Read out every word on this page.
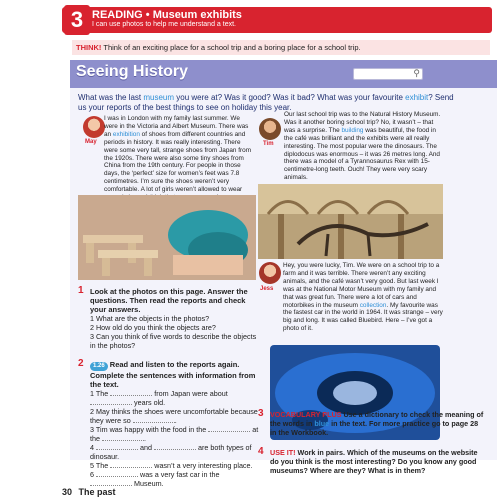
3 READING • Museum exhibits
I can use photos to help me understand a text.
THINK! Think of an exciting place for a school trip and a boring place for a school trip.
Seeing History	⚲
What was the last museum you were at? Was it good? Was it bad? What was your favourite exhibit? Send us your reports of the best things to see on holiday this year.
May
I was in London with my family last summer. We were in the Victoria and Albert Museum. There was an exhibition of shoes from different countries and periods in history. It was really interesting. There were some very tall, strange shoes from Japan from the 1920s. There were also some tiny shoes from China from the 19th century. For people in those days, the ‘perfect’ size for women’s feet was 7.8 centimetres. I’m sure the shoes weren’t very comfortable. A lot of girls weren’t allowed to wear
Tim
Our last school trip was to the Natural History Museum. Was it another boring school trip? No, it wasn’t – that was a surprise. The building was beautiful, the food in the café was brilliant and the exhibits were all really interesting. The most popular were the dinosaurs. The diplodocus was enormous – it was 26 metres long. And there was a model of a Tyrannosaurus Rex with 15-centimetre-long teeth. Ouch! They were very scary animals.
Jess
Hey, you were lucky, Tim. We were on a school trip to a farm and it was terrible. There weren’t any exciting animals, and the café wasn’t very good. But last week I was at the National Motor Museum with my family and that was great fun. There were a lot of cars and motorbikes in the museum collection. My favourite was the fastest car in the world in 1964. It was strange – very big and long. It was called Bluebird. Here – I’ve got a photo of it.
1 Look at the photos on this page. Answer the questions. Then read the reports and check your answers.
1 What are the objects in the photos?
2 How old do you think the objects are?
3 Can you think of five words to describe the objects in the photos?
2	1.26 Read and listen to the reports again. Complete the sentences with information from the text.
1 The	from Japan were about  years old.
2 May thinks the shoes were uncomfortable because they were so	.
3 Tim was happy with the food in the	at the	.
4	and	are both types of dinosaur.
5 The	wasn’t a very interesting place.
6	was a very fast car in the  Museum.
3 VOCABULARY PLUS Use a dictionary to check the meaning of the words in blue in the text. For more practice go to page 28 in the Workbook.
4 USE IT! Work in pairs. Which of the museums on the website do you think is the most interesting? Do you know any good museums? Where are they? What is in them?
30 The past
